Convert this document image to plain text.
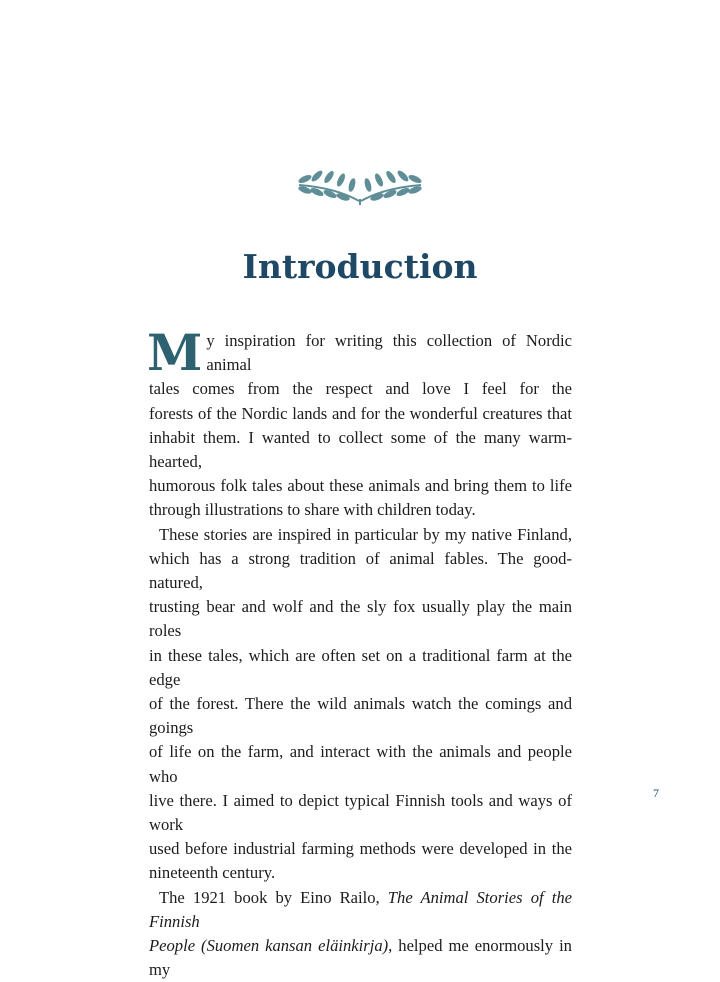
Introduction

M y inspiration for writing this collection of Nordic animal
tales comes from the respect and love I feel for the
forests of the Nordic lands and for the wonderful creatures that
inhabit them. I wanted to collect some of the many warm-hearted,
humorous folk tales about these animals and bring them to life
through illustrations to share with children today.

These stories are inspired in particular by my native Finland,
which has a strong tradition of animal fables. The good-natured,
trusting bear and wolf and the sly fox usually play the main roles
in these tales, which are often set on a traditional farm at the edge
of the forest. There the wild animals watch the comings and goings
of life on the farm, and interact with the animals and people who
live there. I aimed to depict typical Finnish tools and ways of work
used before industrial farming methods were developed in the
nineteenth century.

The 1921 book by Eino Railo, The Animal Stories of the Finnish
People (Suomen kansan eläinkirja), helped me enormously in my

7
